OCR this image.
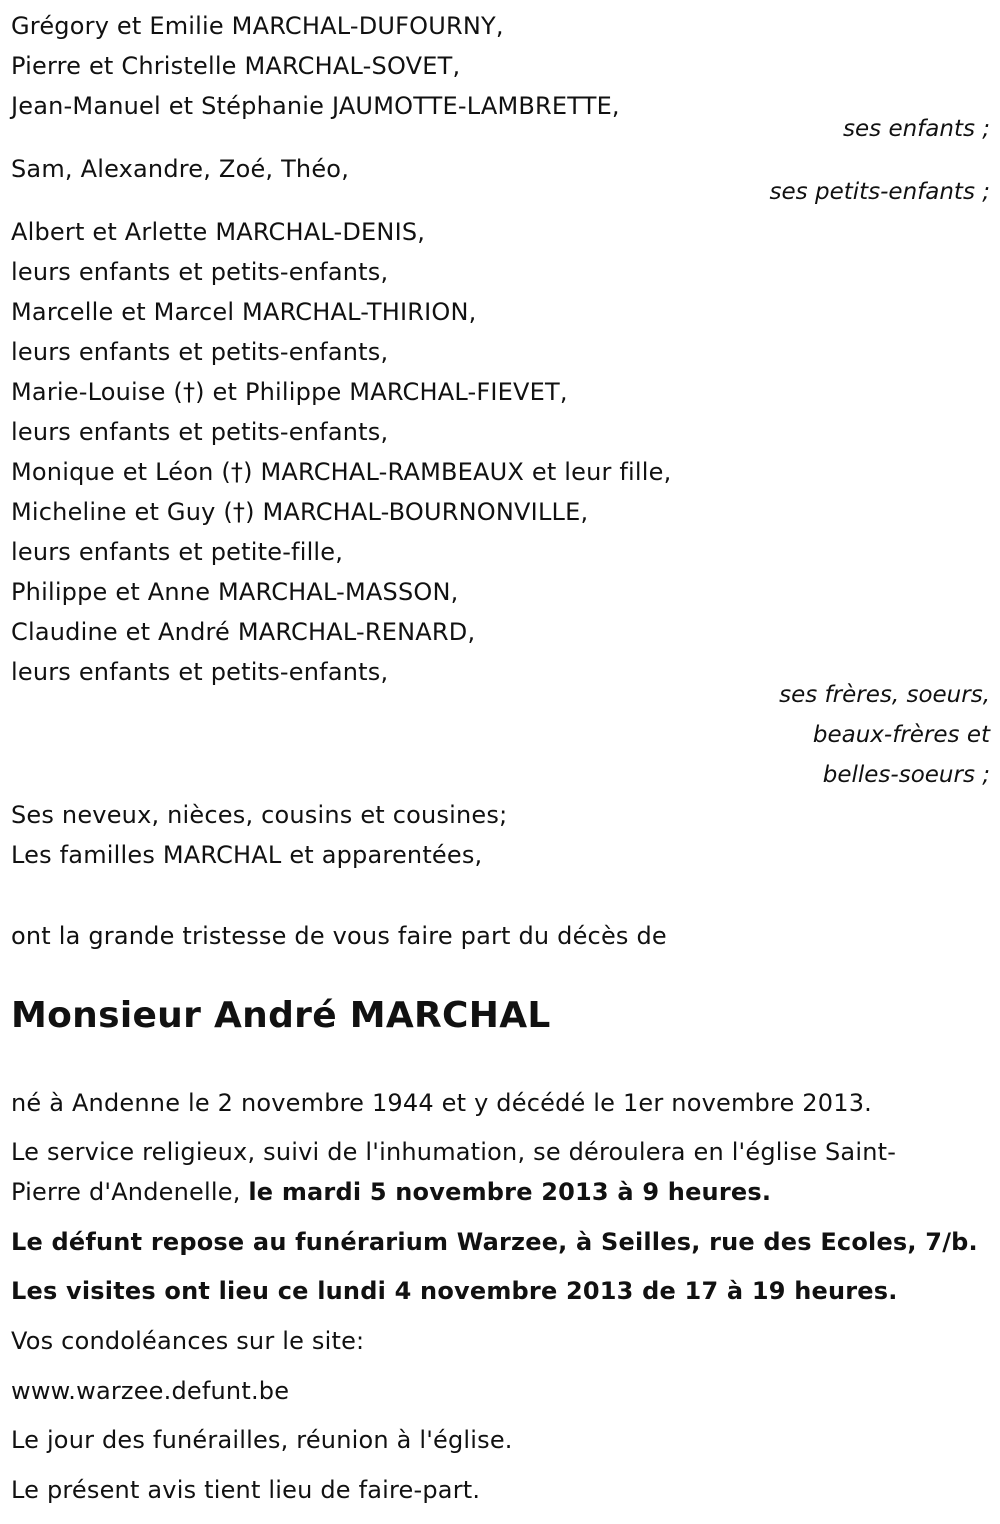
Grégory et Emilie MARCHAL-DUFOURNY,
Pierre et Christelle MARCHAL-SOVET,
Jean-Manuel et Stéphanie JAUMOTTE-LAMBRETTE,
ses enfants ;
Sam, Alexandre, Zoé, Théo,
ses petits-enfants ;
Albert et Arlette MARCHAL-DENIS,
leurs enfants et petits-enfants,
Marcelle et Marcel MARCHAL-THIRION,
leurs enfants et petits-enfants,
Marie-Louise (†) et Philippe MARCHAL-FIEVET,
leurs enfants et petits-enfants,
Monique et Léon (†) MARCHAL-RAMBEAUX et leur fille,
Micheline et Guy (†) MARCHAL-BOURNONVILLE,
leurs enfants et petite-fille,
Philippe et Anne MARCHAL-MASSON,
Claudine et André MARCHAL-RENARD,
leurs enfants et petits-enfants,
ses frères, soeurs,
beaux-frères et
belles-soeurs ;
Ses neveux, nièces, cousins et cousines;
Les familles MARCHAL et apparentées,
ont la grande tristesse de vous faire part du décès de
Monsieur André MARCHAL
né à Andenne le 2 novembre 1944 et y décédé le 1er novembre 2013.
Le service religieux, suivi de l'inhumation, se déroulera en l'église Saint-
Pierre d'Andenelle, le mardi 5 novembre 2013 à 9 heures.
Le défunt repose au funérarium Warzee, à Seilles, rue des Ecoles, 7/b.
Les visites ont lieu ce lundi 4 novembre 2013 de 17 à 19 heures.
Vos condoléances sur le site:
www.warzee.defunt.be
Le jour des funérailles, réunion à l'église.
Le présent avis tient lieu de faire-part.
